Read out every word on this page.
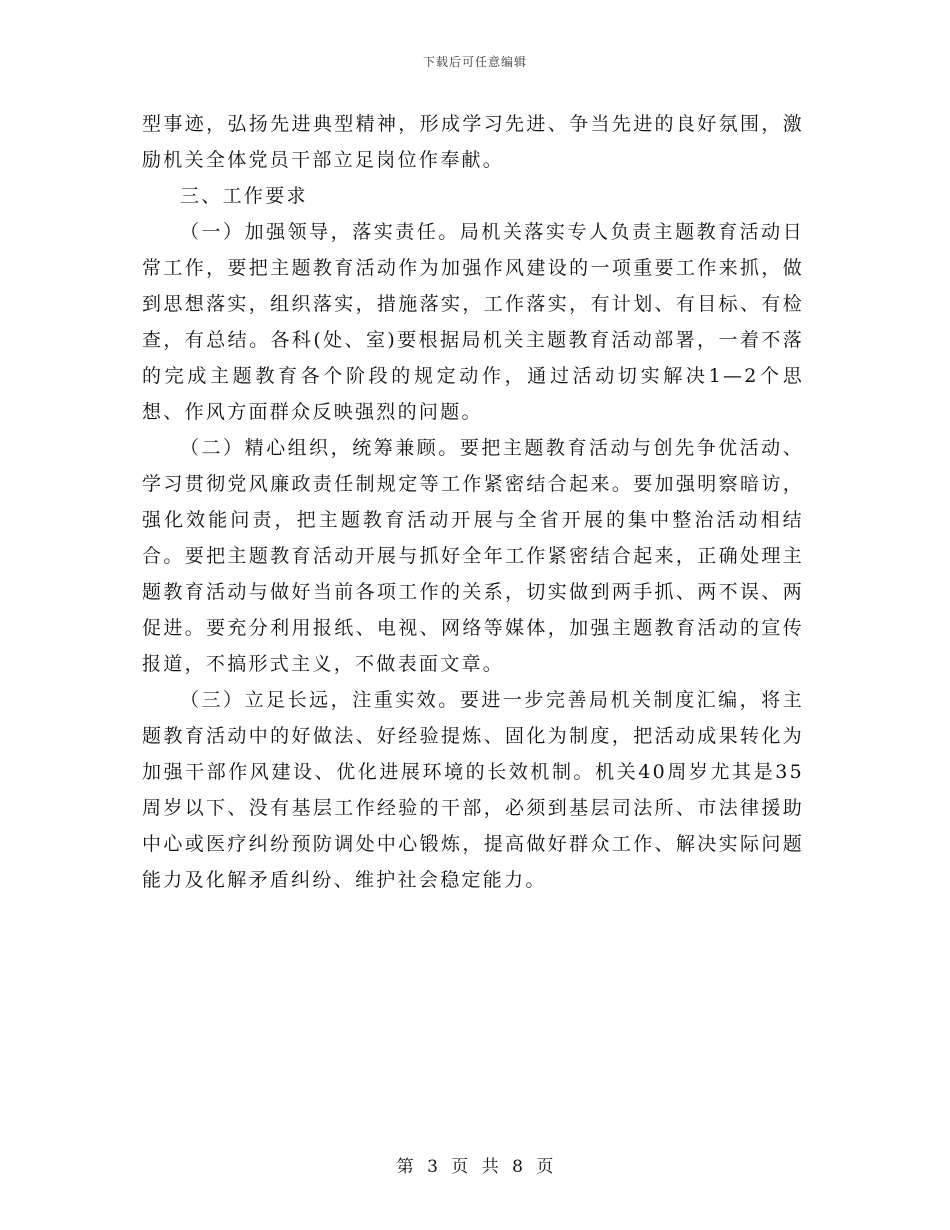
下载后可任意编辑

型事迹，弘扬先进典型精神，形成学习先进、争当先进的良好氛围，激励机关全体党员干部立足岗位作奉献。

三、工作要求

（一）加强领导，落实责任。局机关落实专人负责主题教育活动日常工作，要把主题教育活动作为加强作风建设的一项重要工作来抓，做到思想落实，组织落实，措施落实，工作落实，有计划、有目标、有检查，有总结。各科(处、室)要根据局机关主题教育活动部署，一着不落的完成主题教育各个阶段的规定动作，通过活动切实解决1—2个思想、作风方面群众反映强烈的问题。

（二）精心组织，统筹兼顾。要把主题教育活动与创先争优活动、学习贯彻党风廉政责任制规定等工作紧密结合起来。要加强明察暗访，强化效能问责，把主题教育活动开展与全省开展的集中整治活动相结合。要把主题教育活动开展与抓好全年工作紧密结合起来，正确处理主题教育活动与做好当前各项工作的关系，切实做到两手抓、两不误、两促进。要充分利用报纸、电视、网络等媒体，加强主题教育活动的宣传报道，不搞形式主义，不做表面文章。

（三）立足长远，注重实效。要进一步完善局机关制度汇编，将主题教育活动中的好做法、好经验提炼、固化为制度，把活动成果转化为加强干部作风建设、优化进展环境的长效机制。机关40周岁尤其是35周岁以下、没有基层工作经验的干部，必须到基层司法所、市法律援助中心或医疗纠纷预防调处中心锻炼，提高做好群众工作、解决实际问题能力及化解矛盾纠纷、维护社会稳定能力。

第 3 页 共 8 页
